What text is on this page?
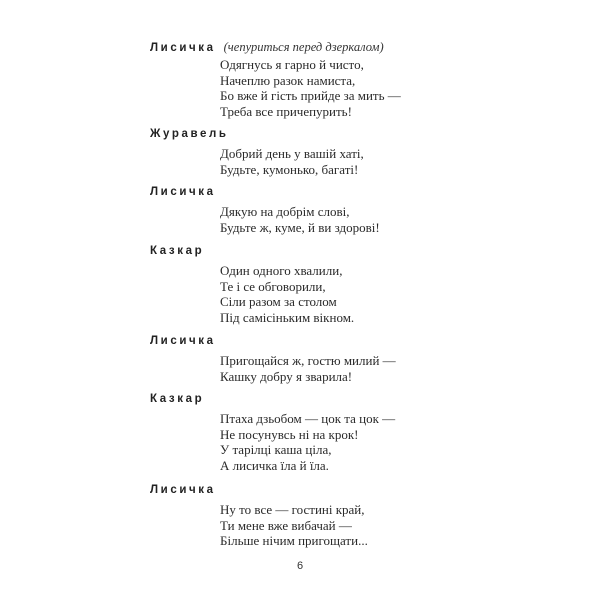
Лисичка (чепуриться перед дзеркалом)
Одягнусь я гарно й чисто,
Начеплю разок намиста,
Бо вже й гість прийде за мить —
Треба все причепурить!
Журавель
Добрий день у вашій хаті,
Будьте, кумонько, багаті!
Лисичка
Дякую на добрім слові,
Будьте ж, куме, й ви здорові!
Казкар
Один одного хвалили,
Те і се обговорили,
Сіли разом за столом
Під самісіньким вікном.
Лисичка
Пригощайся ж, гостю милий —
Кашку добру я зварила!
Казкар
Птаха дзьобом — цок та цок —
Не посунувсь ні на крок!
У тарілці каша ціла,
А лисичка їла й їла.
Лисичка
Ну то все — гостині край,
Ти мене вже вибачай —
Більше нічим пригощати...
6
